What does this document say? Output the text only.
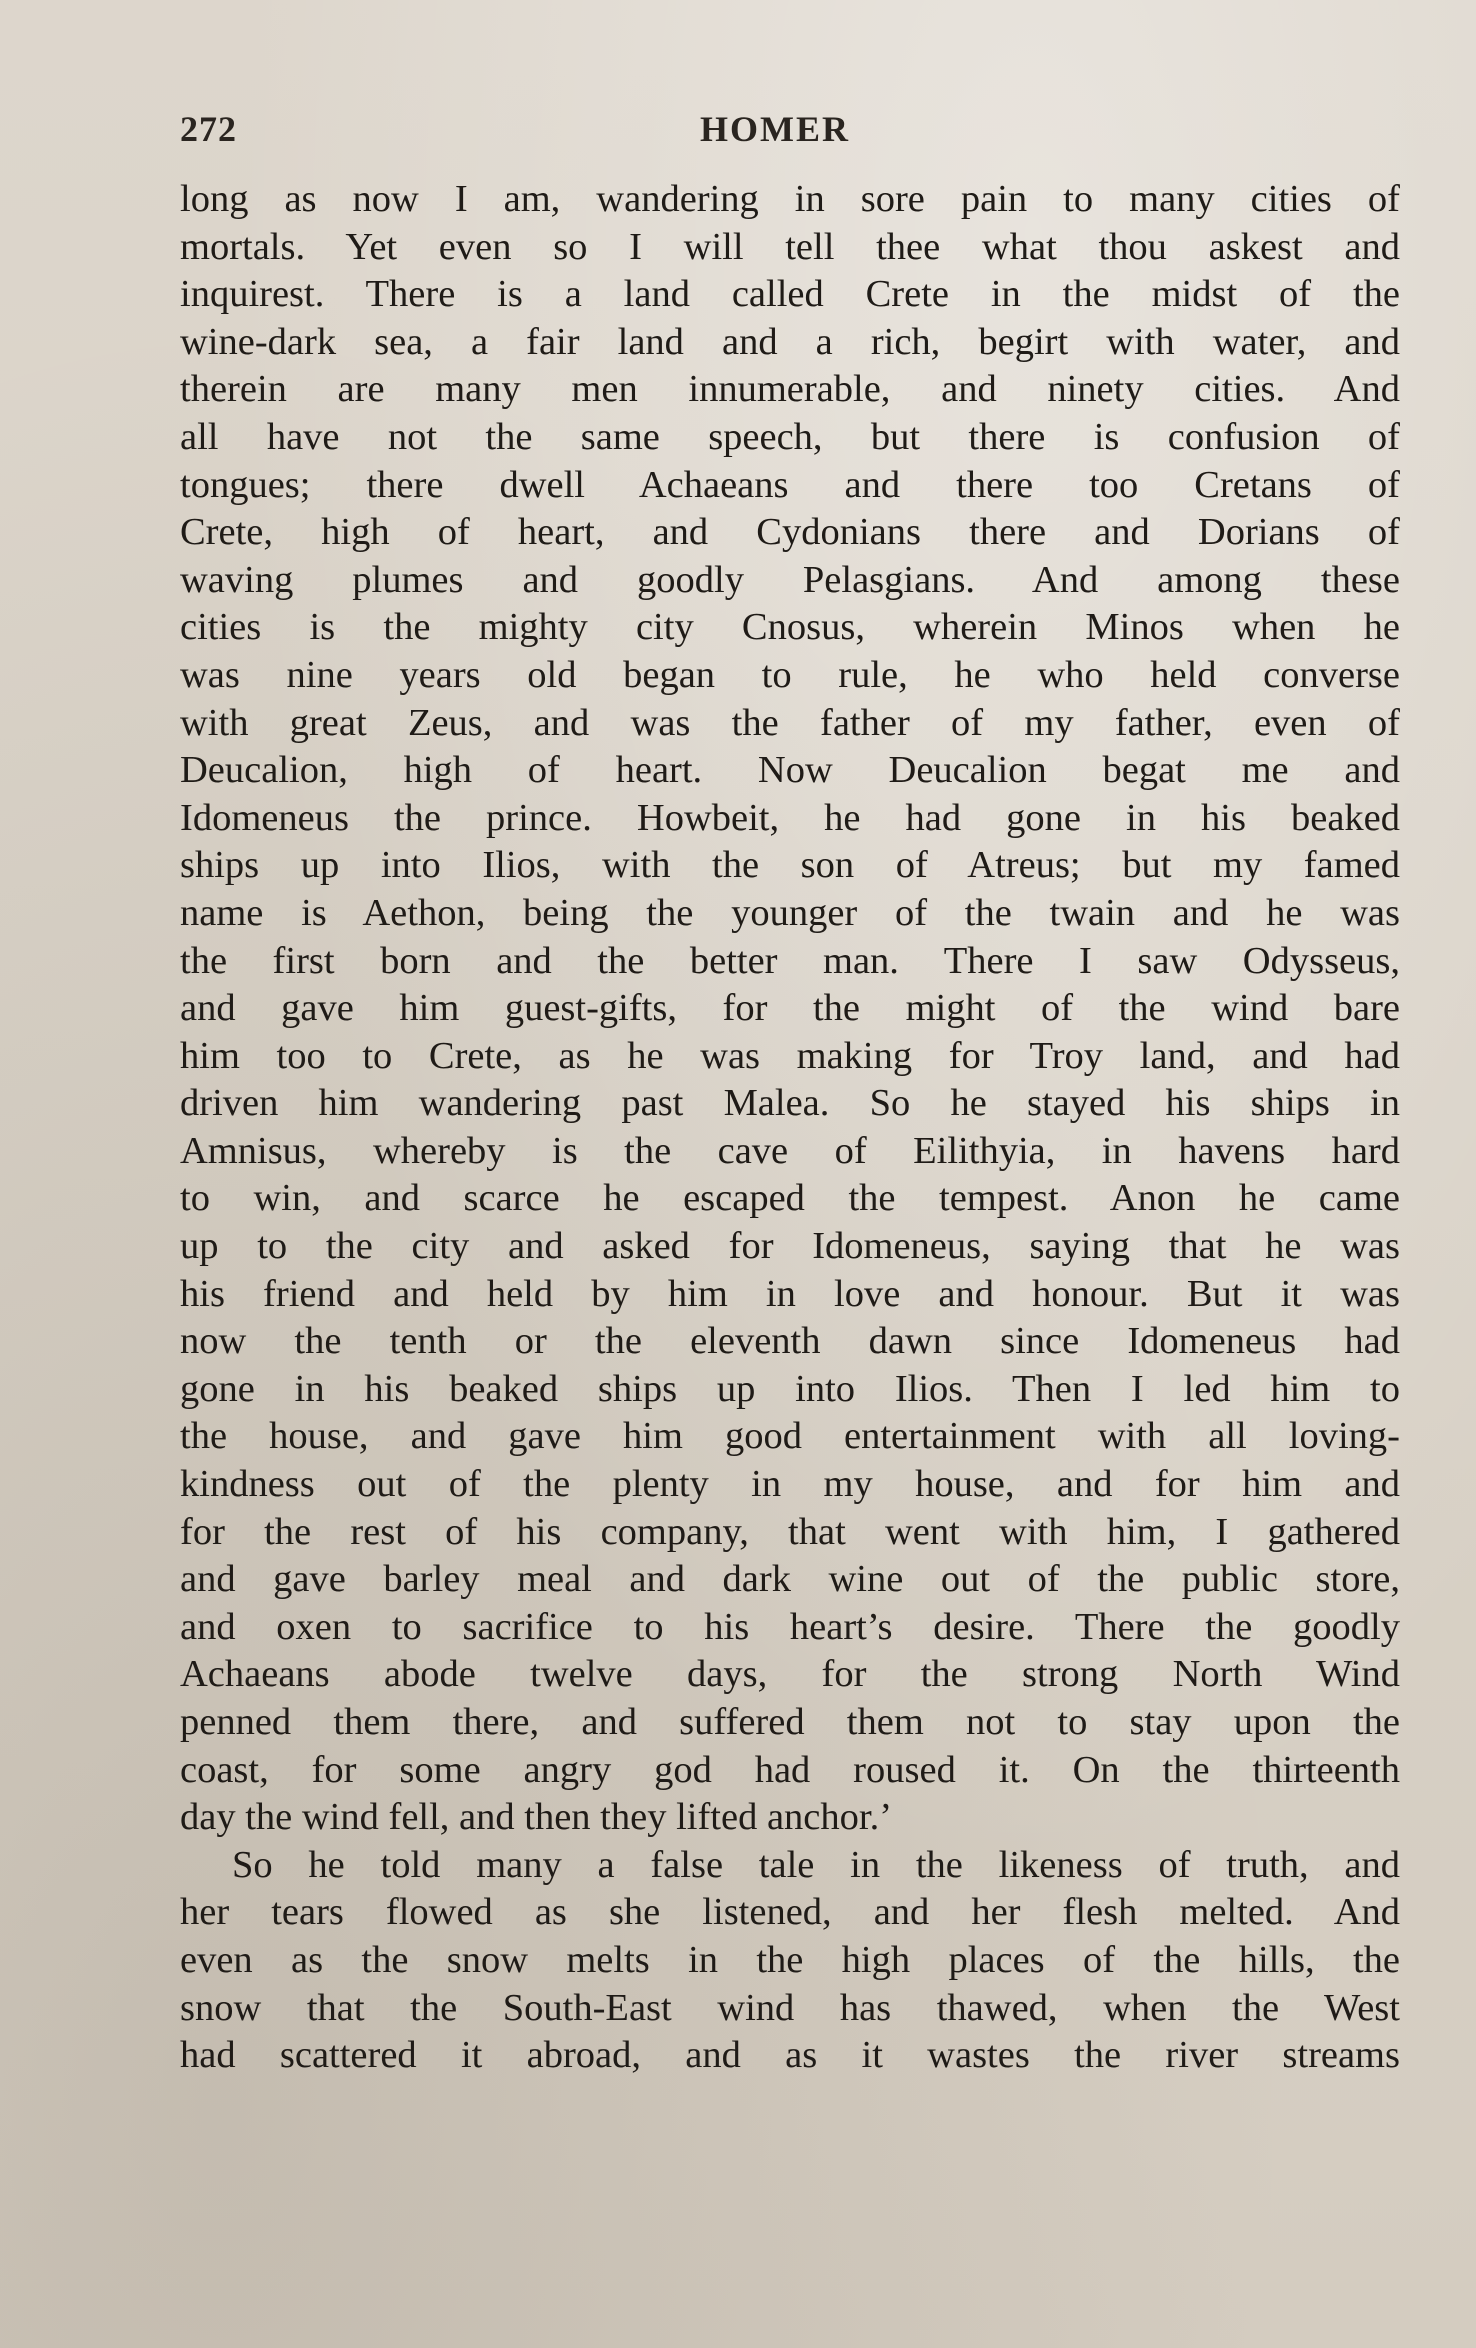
272	HOMER
long as now I am, wandering in sore pain to many cities of
mortals. Yet even so I will tell thee what thou askest and
inquirest. There is a land called Crete in the midst of the
wine-dark sea, a fair land and a rich, begirt with water, and
therein are many men innumerable, and ninety cities. And
all have not the same speech, but there is confusion of
tongues; there dwell Achaeans and there too Cretans of
Crete, high of heart, and Cydonians there and Dorians of
waving plumes and goodly Pelasgians. And among these
cities is the mighty city Cnosus, wherein Minos when he
was nine years old began to rule, he who held converse
with great Zeus, and was the father of my father, even of
Deucalion, high of heart. Now Deucalion begat me and
Idomeneus the prince. Howbeit, he had gone in his beaked
ships up into Ilios, with the son of Atreus; but my famed
name is Aethon, being the younger of the twain and he was
the first born and the better man. There I saw Odysseus,
and gave him guest-gifts, for the might of the wind bare
him too to Crete, as he was making for Troy land, and had
driven him wandering past Malea. So he stayed his ships in
Amnisus, whereby is the cave of Eilithyia, in havens hard
to win, and scarce he escaped the tempest. Anon he came
up to the city and asked for Idomeneus, saying that he was
his friend and held by him in love and honour. But it was
now the tenth or the eleventh dawn since Idomeneus had
gone in his beaked ships up into Ilios. Then I led him to
the house, and gave him good entertainment with all loving-
kindness out of the plenty in my house, and for him and
for the rest of his company, that went with him, I gathered
and gave barley meal and dark wine out of the public store,
and oxen to sacrifice to his heart’s desire. There the goodly
Achaeans abode twelve days, for the strong North Wind
penned them there, and suffered them not to stay upon the
coast, for some angry god had roused it. On the thirteenth
day the wind fell, and then they lifted anchor.’
So he told many a false tale in the likeness of truth, and
her tears flowed as she listened, and her flesh melted. And
even as the snow melts in the high places of the hills, the
snow that the South-East wind has thawed, when the West
had scattered it abroad, and as it wastes the river streams
